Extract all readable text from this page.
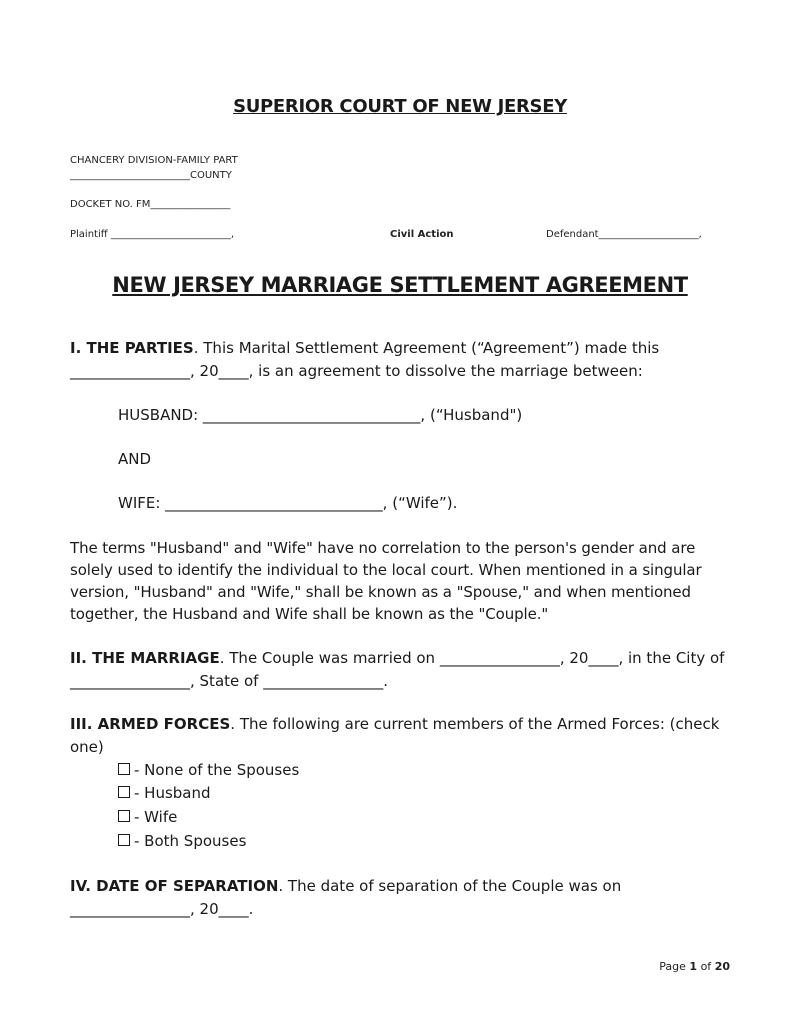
SUPERIOR COURT OF NEW JERSEY
CHANCERY DIVISION-FAMILY PART
________________________COUNTY
DOCKET NO. FM________________
Plaintiff ________________________,	Civil Action	Defendant____________________,
NEW JERSEY MARRIAGE SETTLEMENT AGREEMENT
I. THE PARTIES. This Marital Settlement Agreement (“Agreement”) made this
________________, 20____, is an agreement to dissolve the marriage between:
HUSBAND: _____________________________, (“Husband")
AND
WIFE: _____________________________, (“Wife”).
The terms "Husband" and "Wife" have no correlation to the person's gender and are solely used to identify the individual to the local court. When mentioned in a singular version, "Husband" and "Wife," shall be known as a "Spouse," and when mentioned together, the Husband and Wife shall be known as the "Couple."
II. THE MARRIAGE. The Couple was married on ________________, 20____, in the City of
________________, State of ________________.
III. ARMED FORCES. The following are current members of the Armed Forces: (check
one)
- None of the Spouses
- Husband
- Wife
- Both Spouses
IV. DATE OF SEPARATION. The date of separation of the Couple was on
________________, 20____.
Page 1 of 20
